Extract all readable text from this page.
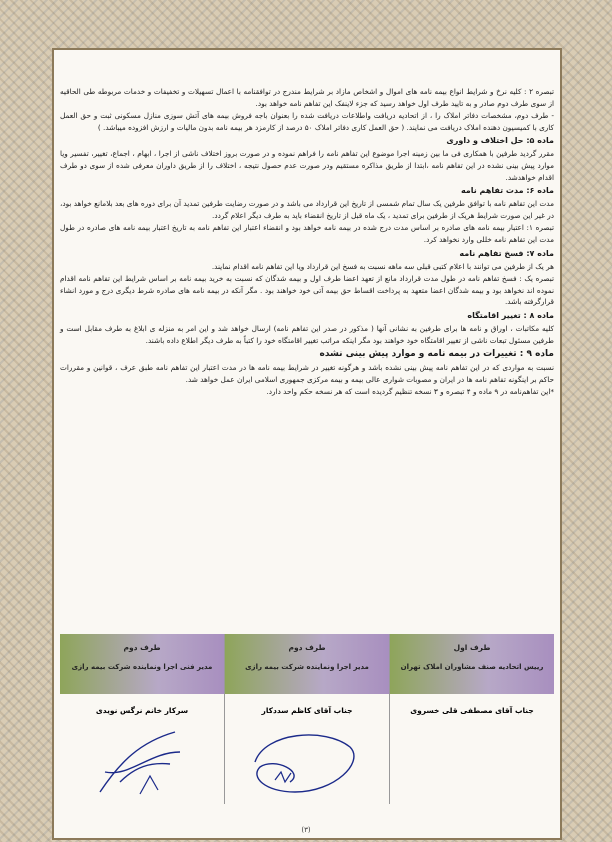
تبصره ۲ : کلیه نرخ و شرایط انواع بیمه نامه های اموال و اشخاص مازاد بر شرایط مندرج در توافقنامه با اعمال تسهیلات و تخفیفات و خدمات مربوطه طی الحاقیه از سوی طرف دوم صادر و به تایید طرف اول خواهد رسید که جزء لاینفک این تفاهم نامه خواهد بود.

- طرف دوم، مشخصات دفاتر املاک را ، از اتحادیه دریافت واطلاعات دریافت شده را بعنوان باجه فروش بیمه های آتش سوزی منازل مسکونی ثبت و حق العمل کاری با کمیسیون دهنده املاک دریافت می نمایند. ( حق العمل کاری دفاتر املاک ۵۰ درصد از کارمزد هر بیمه نامه بدون مالیات و ارزش افزوده میباشد. )

ماده ۵: حل اختلاف و داوری

مقرر گردید طرفین با همکاری فی ما بین زمینه اجرا موضوع این تفاهم نامه را فراهم نموده و در صورت بروز اختلاف ناشی از اجرا ، ابهام ، اجماع، تغییر، تفسیر ویا موارد پیش بینی نشده در این تفاهم نامه ،ابتدا از طریق مذاکره مستقیم ودر صورت عدم حصول نتیجه ، اختلاف را از طریق داوران معرفی شده از سوی دو طرف اقدام خواهدشد.

ماده ۶: مدت تفاهم نامه

مدت این تفاهم نامه با توافق طرفین یک سال تمام شمسی از تاریخ این قرارداد می باشد و در صورت رضایت طرفین تمدید آن برای دوره های بعد بلامانع خواهد بود، در غیر این صورت شرایط هریک از طرفین برای تمدید ، یک ماه قبل از تاریخ انقضاء باید به طرف دیگر اعلام گردد.

تبصره ۱: اعتبار بیمه نامه های صادره بر اساس مدت درج شده در بیمه نامه خواهد بود و انقضاء اعتبار این تفاهم نامه به تاریخ اعتبار بیمه نامه های صادره در طول مدت این تفاهم نامه خللی وارد نخواهد کرد.

ماده ۷: فسخ تفاهم نامه

هر یک از طرفین می توانند با اعلام کتبی قبلی سه ماهه نسبت به فسخ این قرارداد ویا این تفاهم نامه اقدام نمایند.

تبصره یک : فسخ تفاهم نامه در طول مدت قرارداد مانع از تعهد اعضا طرف اول و بیمه شدگان که نسبت به خرید بیمه نامه بر اساس شرایط این تفاهم نامه اقدام نموده اند نخواهد بود و بیمه شدگان اعضا متعهد به پرداخت اقساط حق بیمه آتی خود خواهند بود . مگر آنکه در بیمه نامه های صادره شرط دیگری درج و مورد انشاء قرارگرفته باشد.

ماده ۸ : تغییر اقامتگاه

کلیه مکاتبات ، اوراق و نامه ها برای طرفین به نشانی آنها ( مذکور در صدر این تفاهم نامه) ارسال خواهد شد و این امر به منزله ی ابلاغ به طرف مقابل است و طرفین مسئول تبعات ناشی از تغییر اقامتگاه خود خواهند بود مگر اینکه مراتب تغییر اقامتگاه خود را کتباً به طرف دیگر اطلاع داده باشند.

ماده ۹ : تغییرات در بیمه نامه و موارد پیش بینی نشده

نسبت به مواردی که در این تفاهم نامه پیش بینی نشده باشد و هرگونه تغییر در شرایط بیمه نامه ها در مدت اعتبار این تفاهم نامه طبق عرف ، قوانین و مقررات حاکم بر اینگونه تفاهم نامه ها در ایران و مصوبات شواری عالی بیمه و بیمه مرکزی جمهوری اسلامی ایران عمل خواهد شد.

*این تفاهم‌نامه در ۹ ماده و ۴ تبصره و ۳ نسخه تنظیم گردیده است که هر نسخه حکم واحد دارد.

طرف اول
رییس اتحادیه صنف مشاوران املاک تهران
جناب آقای مصطفی قلی خسروی
طرف دوم
مدیر اجرا ونماینده شرکت بیمه رازی
جناب آقای کاظم سددکار
طرف دوم
مدیر فنی اجرا ونماینده شرکت بیمه رازی
سرکار خانم نرگس نویدی
(۳)
